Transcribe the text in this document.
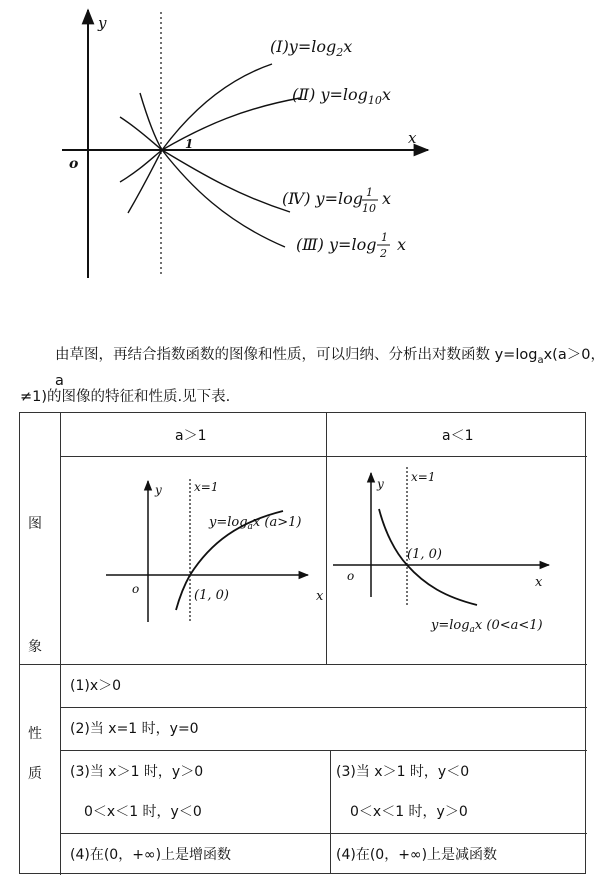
y
x
o
1
$(Ⅰ)y=\log_2x$
(Ⅱ) $y=\log_{10}x$
(Ⅳ) y=log 1
10
x
(Ⅲ) y=log 1
2 x
由草图，再结合指数函数的图像和性质，可以归纳、分析出对数函数 $y=\log_ax(a>0$，a
≠1)的图像的特征和性质.见下表.
a＞1	a＜1
图
象
性
质
y
x
o
x=1
(1, 0)
$y=\log_ax$ (a>1)
y
x
o
x=1
(1, 0)
$y=\log_ax$ (0<a<1)
(1)x＞0
(2)当 x=1 时，y=0
(3)当 x＞1 时，y＞0
0＜x＜1 时，y＜0
(3)当 x＞1 时，y＜0
0＜x＜1 时，y＞0
(4)在(0，+∞)上是增函数	(4)在(0，+∞)上是减函数
